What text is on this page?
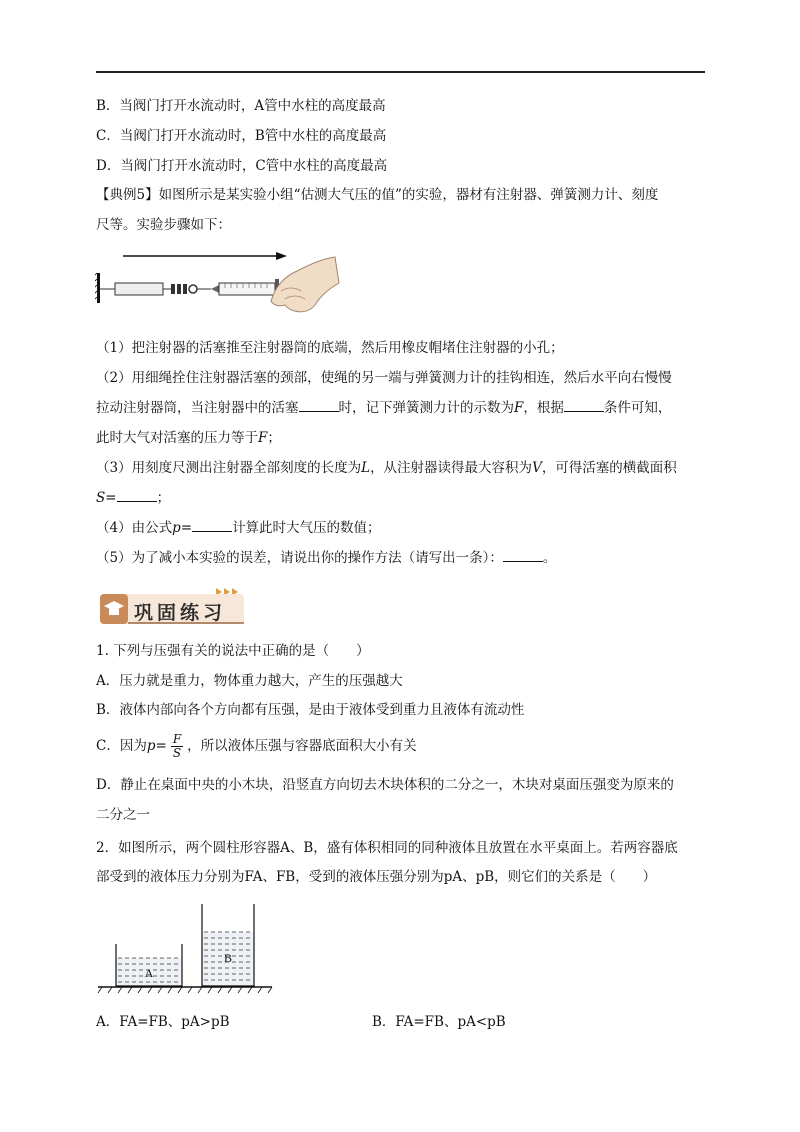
B．当阀门打开水流动时，A管中水柱的高度最高
C．当阀门打开水流动时，B管中水柱的高度最高
D．当阀门打开水流动时，C管中水柱的高度最高
【典例5】如图所示是某实验小组“估测大气压的值”的实验，器材有注射器、弹簧测力计、刻度
尺等。实验步骤如下：
（1）把注射器的活塞推至注射器筒的底端，然后用橡皮帽堵住注射器的小孔；
（2）用细绳拴住注射器活塞的颈部，使绳的另一端与弹簧测力计的挂钩相连，然后水平向右慢慢
拉动注射器筒，当注射器中的活塞	时，记下弹簧测力计的示数为F，根据	条件可知，
此时大气对活塞的压力等于F；
（3）用刻度尺测出注射器全部刻度的长度为L，从注射器读得最大容积为V，可得活塞的横截面积
S=	；
（4）由公式p=	计算此时大气压的数值；
（5）为了减小本实验的误差，请说出你的操作方法（请写出一条）：	。
巩固练习
1. 下列与压强有关的说法中正确的是（　　）
A．压力就是重力，物体重力越大，产生的压强越大
B．液体内部向各个方向都有压强，是由于液体受到重力且液体有流动性
C．因为$p= \frac{F}{S}$ ，所以液体压强与容器底面积大小有关
D．静止在桌面中央的小木块，沿竖直方向切去木块体积的二分之一，木块对桌面压强变为原来的
二分之一
2．如图所示，两个圆柱形容器A、B，盛有体积相同的同种液体且放置在水平桌面上。若两容器底
部受到的液体压力分别为FA、FB，受到的液体压强分别为pA、pB，则它们的关系是（　　）
A
B
A．FA=FB、pA>pB	B．FA=FB、pA<pB
